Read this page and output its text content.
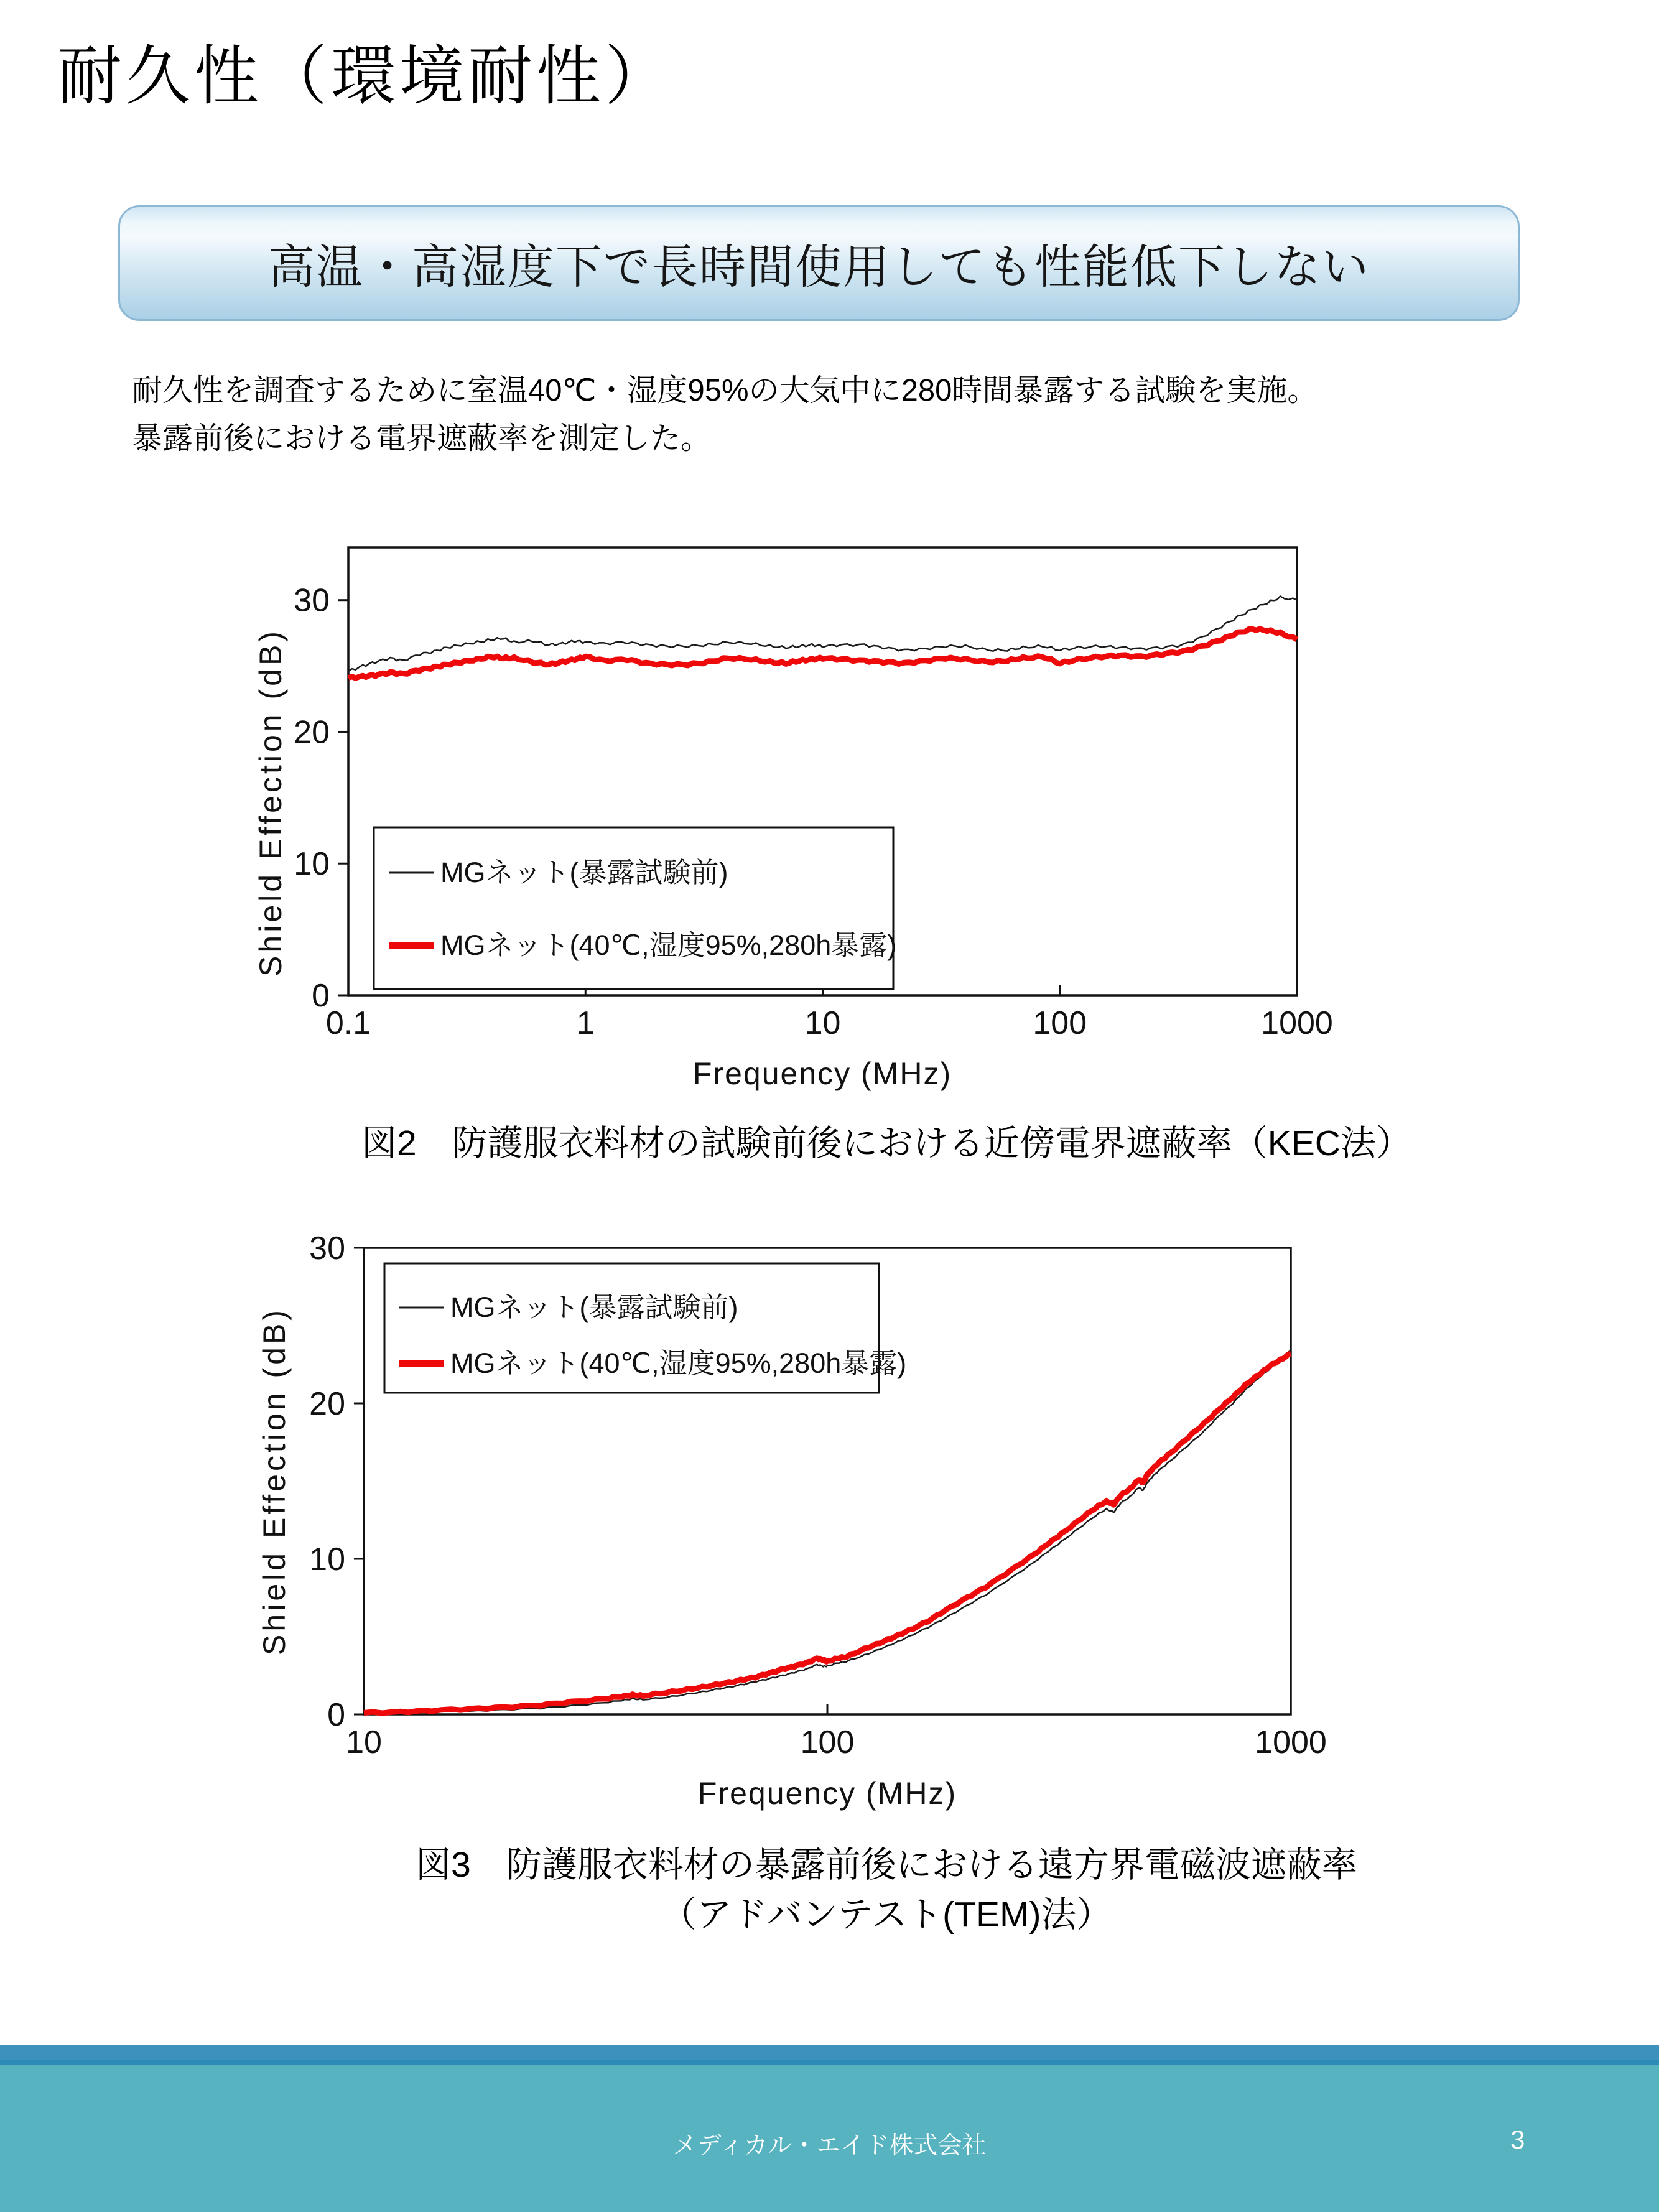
耐久性（環境耐性）
高温・高湿度下で長時間使用しても性能低下しない
耐久性を調査するために室温40℃・湿度95%の大気中に280時間暴露する試験を実施。
暴露前後における電界遮蔽率を測定した。
0.1	1	10	100	1000
0
10
20
30
MGネット(暴露試験前)
MGネット(40℃,湿度95%,280h暴露)
Frequency (MHz)
Shield Effection (dB)
図2　防護服衣料材の試験前後における近傍電界遮蔽率（KEC法）
10	100	1000
0
10
20
30
MGネット(暴露試験前)
MGネット(40℃,湿度95%,280h暴露)
Frequency (MHz)
Shield Effection (dB)
図3　防護服衣料材の暴露前後における遠方界電磁波遮蔽率
（アドバンテスト(TEM)法）
メディカル・エイド株式会社	3
